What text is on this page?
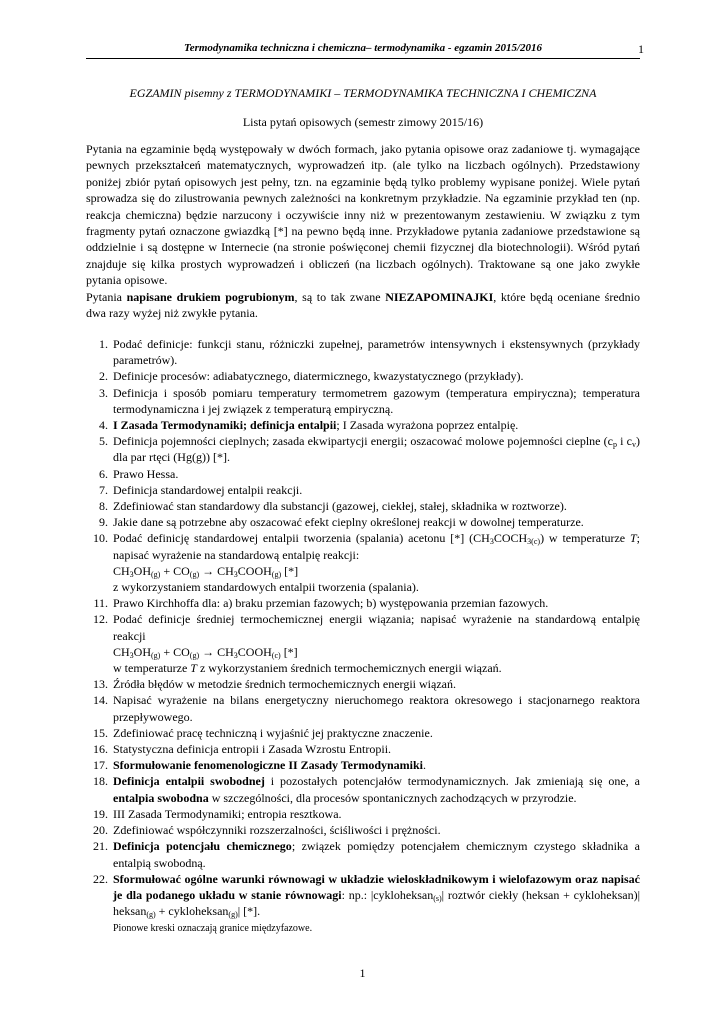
Termodynamika techniczna i chemiczna– termodynamika - egzamin 2015/2016	1
EGZAMIN pisemny z TERMODYNAMIKI – TERMODYNAMIKA TECHNICZNA I CHEMICZNA
Lista pytań opisowych (semestr zimowy 2015/16)

Pytania na egzaminie będą występowały w dwóch formach, jako pytania opisowe oraz zadaniowe tj. wymagające pewnych przekształceń matematycznych, wyprowadzeń itp. (ale tylko na liczbach ogólnych). Przedstawiony poniżej zbiór pytań opisowych jest pełny, tzn. na egzaminie będą tylko problemy wypisane poniżej. Wiele pytań sprowadza się do zilustrowania pewnych zależności na konkretnym przykładzie. Na egzaminie przykład ten (np. reakcja chemiczna) będzie narzucony i oczywiście inny niż w prezentowanym zestawieniu. W związku z tym fragmenty pytań oznaczone gwiazdką [*] na pewno będą inne. Przykładowe pytania zadaniowe przedstawione są oddzielnie i są dostępne w Internecie (na stronie poświęconej chemii fizycznej dla biotechnologii). Wśród pytań znajduje się kilka prostych wyprowadzeń i obliczeń (na liczbach ogólnych). Traktowane są one jako zwykłe pytania opisowe.

Pytania napisane drukiem pogrubionym, są to tak zwane NIEZAPOMINAJKI, które będą oceniane średnio dwa razy wyżej niż zwykłe pytania.

1 . Podać definicje: funkcji stanu, różniczki zupełnej, parametrów intensywnych i ekstensywnych (przykłady parametrów).
2 . Definicje procesów: adiabatycznego, diatermicznego, kwazystatycznego (przykłady).
3 . Definicja i sposób pomiaru temperatury termometrem gazowym (temperatura empiryczna); temperatura termodynamiczna i jej związek z temperaturą empiryczną.
4 . I Zasada Termodynamiki; definicja entalpii; I Zasada wyrażona poprzez entalpię.
5 . Definicja pojemności cieplnych; zasada ekwipartycji energii; oszacować molowe pojemności cieplne ($c_p$ i $c_v$) dla par rtęci (Hg(g)) [*].
6 . Prawo Hessa.
7 . Definicja standardowej entalpii reakcji.
8 . Zdefiniować stan standardowy dla substancji (gazowej, ciekłej, stałej, składnika w roztworze).
9 . Jakie dane są potrzebne aby oszacować efekt cieplny określonej reakcji w dowolnej temperaturze.
10 . Podać definicję standardowej entalpii tworzenia (spalania) acetonu [*] $(CH_3COCH_{3(c)})$ w temperaturze T; napisać wyrażenie na standardową entalpię reakcji:
$CH_3OH_{(g)} + CO_{(g)}$ → $CH_3COOH_{(g)}$ [*]
z wykorzystaniem standardowych entalpii tworzenia (spalania).
11 . Prawo Kirchhoffa dla: a) braku przemian fazowych; b) występowania przemian fazowych.
12 . Podać definicje średniej termochemicznej energii wiązania; napisać wyrażenie na standardową entalpię reakcji
$CH_3OH_{(g)} + CO_{(g)}$ → $CH_3COOH_{(c)}$ [*]
w temperaturze T z wykorzystaniem średnich termochemicznych energii wiązań.
13 . Źródła błędów w metodzie średnich termochemicznych energii wiązań.
14 . Napisać wyrażenie na bilans energetyczny nieruchomego reaktora okresowego i stacjonarnego reaktora przepływowego.
15 . Zdefiniować pracę techniczną i wyjaśnić jej praktyczne znaczenie.
16 . Statystyczna definicja entropii i Zasada Wzrostu Entropii.
17 . Sformułowanie fenomenologiczne II Zasady Termodynamiki.
18 . Definicja entalpii swobodnej i pozostałych potencjałów termodynamicznych. Jak zmieniają się one, a entalpia swobodna w szczególności, dla procesów spontanicznych zachodzących w przyrodzie.
19 . III Zasada Termodynamiki; entropia resztkowa.
20 . Zdefiniować współczynniki rozszerzalności, ściśliwości i prężności.
21 . Definicja potencjału chemicznego; związek pomiędzy potencjałem chemicznym czystego składnika a entalpią swobodną.
22 . Sformułować ogólne warunki równowagi w układzie wieloskładnikowym i wielofazowym oraz napisać je dla podanego układu w stanie równowagi: np.: |cykloheksan$_{(s)}$| roztwór ciekły (heksan + cykloheksan)| heksan$_{(g)}$ + cykloheksan$_{(g)}$| [*].
Pionowe kreski oznaczają granice międzyfazowe.
1
